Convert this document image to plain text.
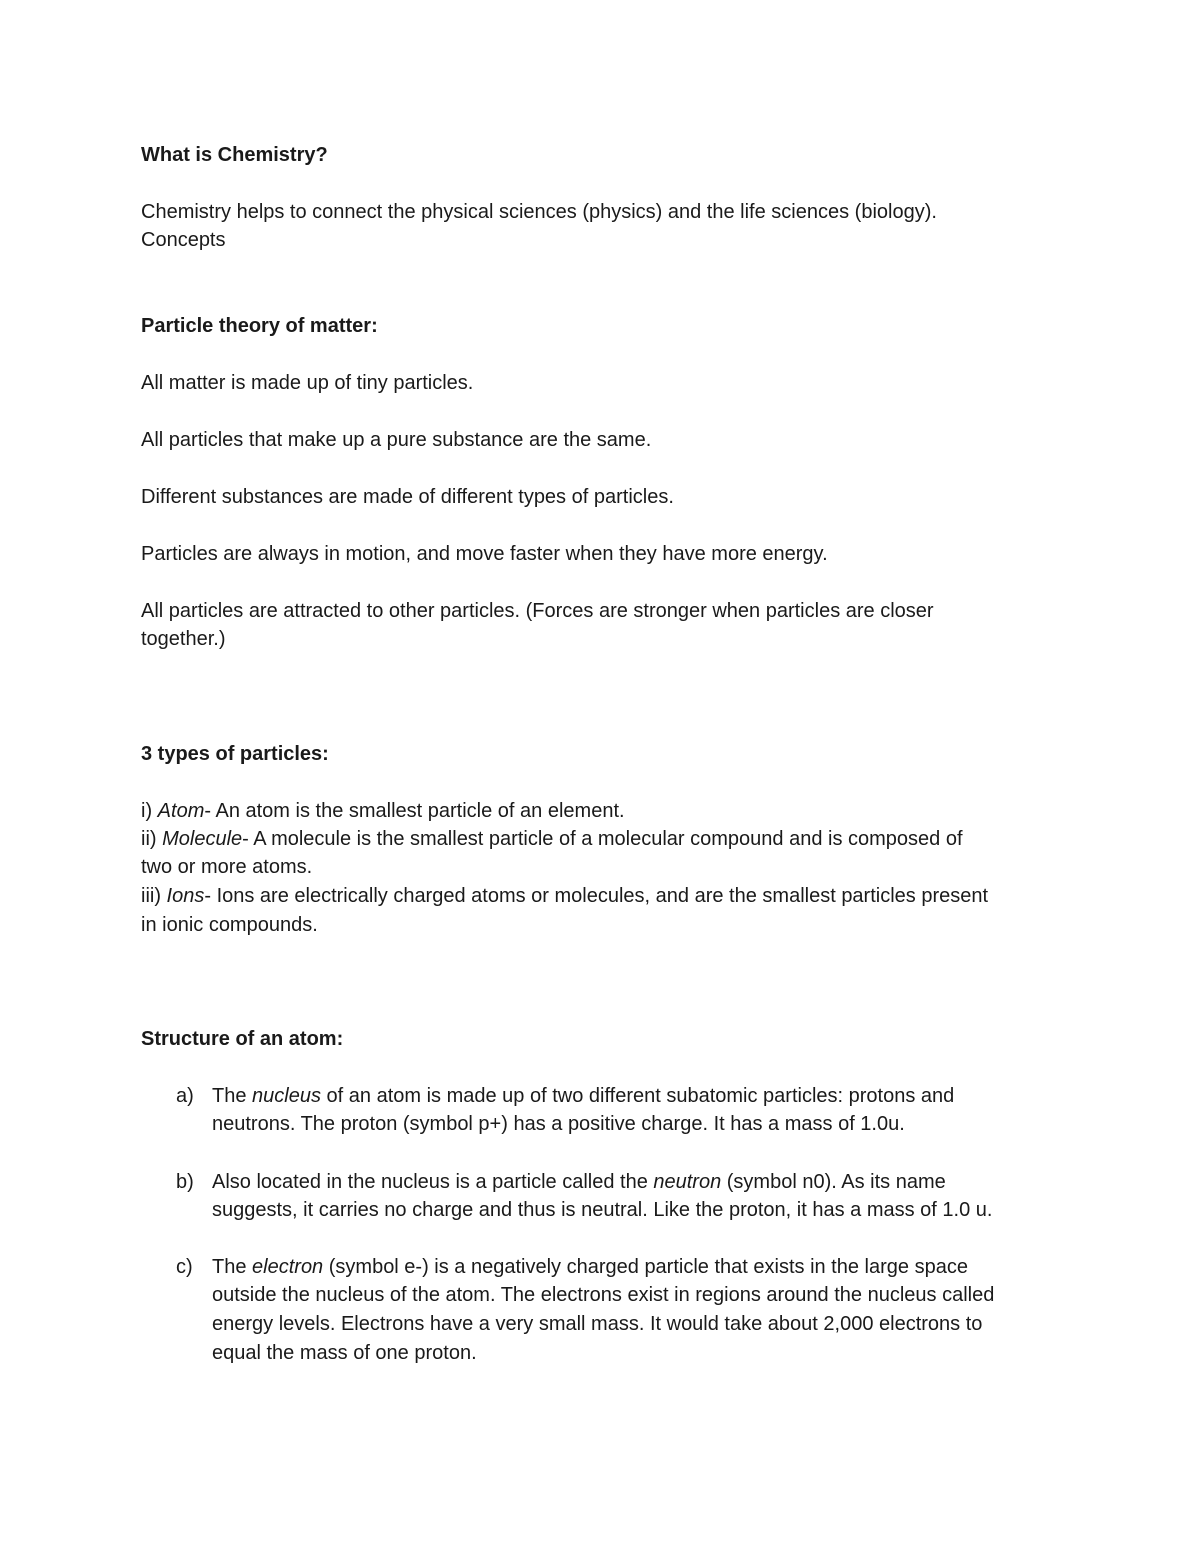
What is Chemistry?
Chemistry helps to connect the physical sciences (physics) and the life sciences (biology).
Concepts
Particle theory of matter:
All matter is made up of tiny particles.
All particles that make up a pure substance are the same.
Different substances are made of different types of particles.
Particles are always in motion, and move faster when they have more energy.
All particles are attracted to other particles. (Forces are stronger when particles are closer
together.)
3 types of particles:
i) Atom- An atom is the smallest particle of an element.
ii) Molecule- A molecule is the smallest particle of a molecular compound and is composed of
two or more atoms.
iii) Ions- Ions are electrically charged atoms or molecules, and are the smallest particles present
in ionic compounds.
Structure of an atom:
a) The nucleus of an atom is made up of two different subatomic particles: protons and
neutrons. The proton (symbol p+) has a positive charge. It has a mass of 1.0u.
b) Also located in the nucleus is a particle called the neutron (symbol n0). As its name
suggests, it carries no charge and thus is neutral. Like the proton, it has a mass of 1.0 u.
c) The electron (symbol e-) is a negatively charged particle that exists in the large space
outside the nucleus of the atom. The electrons exist in regions around the nucleus called
energy levels. Electrons have a very small mass. It would take about 2,000 electrons to
equal the mass of one proton.
